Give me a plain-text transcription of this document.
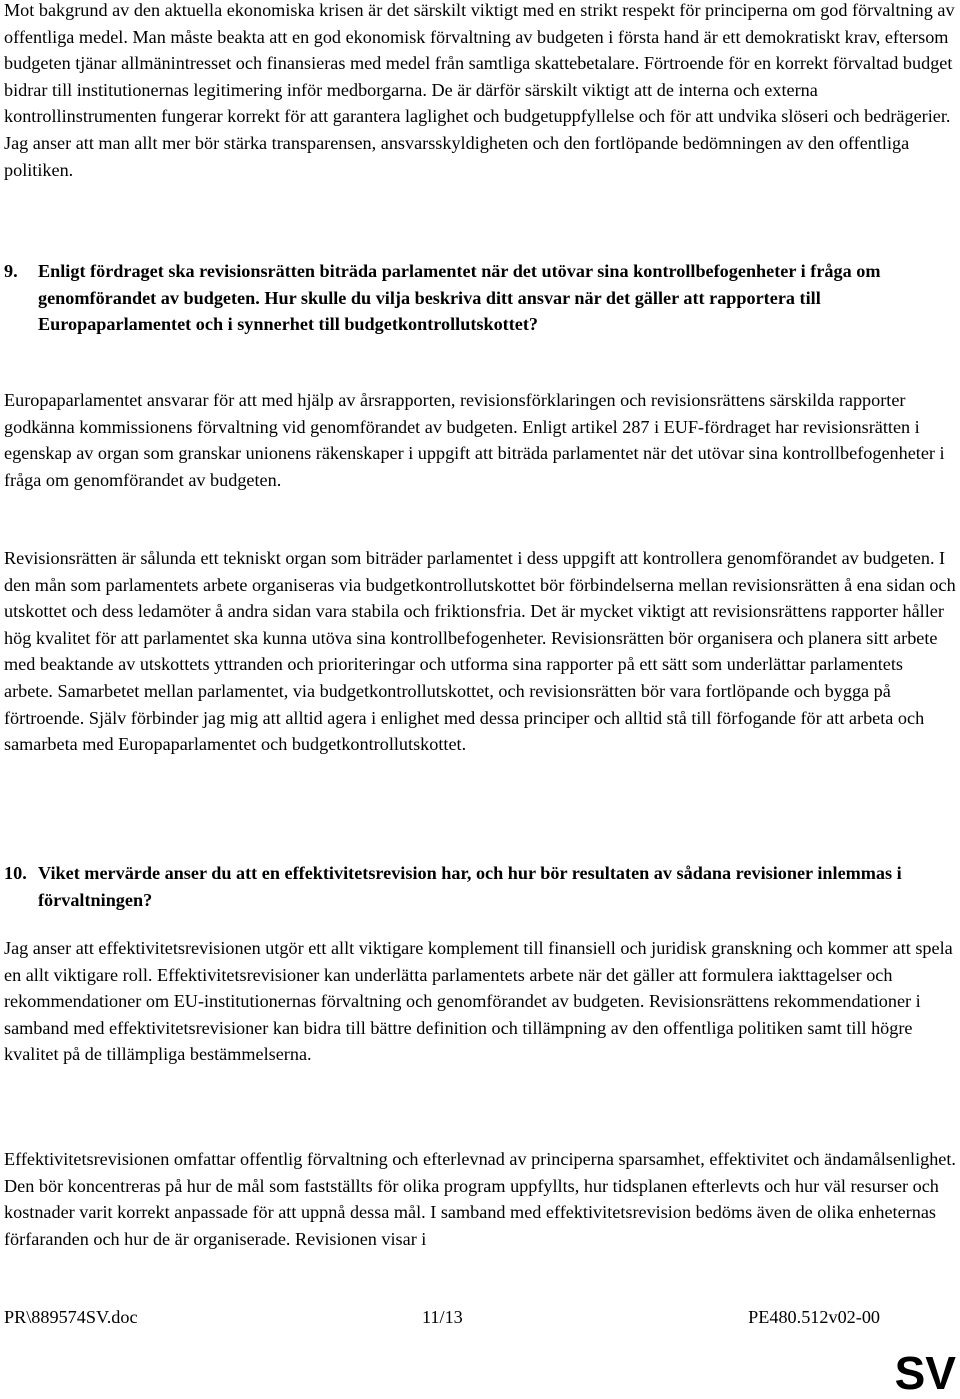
Mot bakgrund av den aktuella ekonomiska krisen är det särskilt viktigt med en strikt respekt för principerna om god förvaltning av offentliga medel. Man måste beakta att en god ekonomisk förvaltning av budgeten i första hand är ett demokratiskt krav, eftersom budgeten tjänar allmänintresset och finansieras med medel från samtliga skattebetalare. Förtroende för en korrekt förvaltad budget bidrar till institutionernas legitimering inför medborgarna. De är därför särskilt viktigt att de interna och externa kontrollinstrumenten fungerar korrekt för att garantera laglighet och budgetuppfyllelse och för att undvika slöseri och bedrägerier. Jag anser att man allt mer bör stärka transparensen, ansvarsskyldigheten och den fortlöpande bedömningen av den offentliga politiken.

9. Enligt fördraget ska revisionsrätten biträda parlamentet när det utövar sina kontrollbefogenheter i fråga om genomförandet av budgeten. Hur skulle du vilja beskriva ditt ansvar när det gäller att rapportera till Europaparlamentet och i synnerhet till budgetkontrollutskottet?

Europaparlamentet ansvarar för att med hjälp av årsrapporten, revisionsförklaringen och revisionsrättens särskilda rapporter godkänna kommissionens förvaltning vid genomförandet av budgeten. Enligt artikel 287 i EUF-fördraget har revisionsrätten i egenskap av organ som granskar unionens räkenskaper i uppgift att biträda parlamentet när det utövar sina kontrollbefogenheter i fråga om genomförandet av budgeten.

Revisionsrätten är sålunda ett tekniskt organ som biträder parlamentet i dess uppgift att kontrollera genomförandet av budgeten. I den mån som parlamentets arbete organiseras via budgetkontrollutskottet bör förbindelserna mellan revisionsrätten å ena sidan och utskottet och dess ledamöter å andra sidan vara stabila och friktionsfria. Det är mycket viktigt att revisionsrättens rapporter håller hög kvalitet för att parlamentet ska kunna utöva sina kontrollbefogenheter. Revisionsrätten bör organisera och planera sitt arbete med beaktande av utskottets yttranden och prioriteringar och utforma sina rapporter på ett sätt som underlättar parlamentets arbete. Samarbetet mellan parlamentet, via budgetkontrollutskottet, och revisionsrätten bör vara fortlöpande och bygga på förtroende. Själv förbinder jag mig att alltid agera i enlighet med dessa principer och alltid stå till förfogande för att arbeta och samarbeta med Europaparlamentet och budgetkontrollutskottet.

10. Viket mervärde anser du att en effektivitetsrevision har, och hur bör resultaten av sådana revisioner inlemmas i förvaltningen?

Jag anser att effektivitetsrevisionen utgör ett allt viktigare komplement till finansiell och juridisk granskning och kommer att spela en allt viktigare roll. Effektivitetsrevisioner kan underlätta parlamentets arbete när det gäller att formulera iakttagelser och rekommendationer om EU-institutionernas förvaltning och genomförandet av budgeten. Revisionsrättens rekommendationer i samband med effektivitetsrevisioner kan bidra till bättre definition och tillämpning av den offentliga politiken samt till högre kvalitet på de tillämpliga bestämmelserna.

Effektivitetsrevisionen omfattar offentlig förvaltning och efterlevnad av principerna sparsamhet, effektivitet och ändamålsenlighet. Den bör koncentreras på hur de mål som fastställts för olika program uppfyllts, hur tidsplanen efterlevts och hur väl resurser och kostnader varit korrekt anpassade för att uppnå dessa mål. I samband med effektivitetsrevision bedöms även de olika enheternas förfaranden och hur de är organiserade. Revisionen visar i

PR\889574SV.doc	11/13	PE480.512v02-00
SV
